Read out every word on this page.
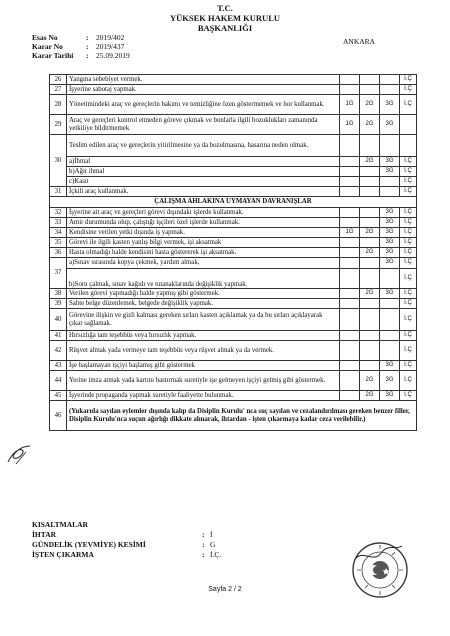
T.C.
YÜKSEK HAKEM KURULU
BAŞKANLIĞI
Esas No	: 2019/402
Karar No	: 2019/437
Karar Tarihi : 25.09.2019
ANKARA
26	Yangına sebebiyet vermek.				İ.Ç
27	İşyerine sabotaj yapmak.				İ.Ç
28	Yönetimindeki araç ve gereçlerin bakımı ve temizliğine özen göstermemek ve hor kullanmak.	1G	2G	3G	İ.Ç
29	Araç ve gereçleri kontrol etmeden göreve çıkmak ve bunlarla ilgili bozuklukları zamanında yetkiliye bildirmemek	1G	2G	3G	
30	Teslim edilen araç ve gereçlerin yitirilmesine ya da bozulmasına, hasarına neden olmak.				
	a)İhmal		2G	3G	İ.Ç
	b)Ağır ihmal			3G	İ.Ç
	c)Kasıt				İ.Ç
31	İçkili araç kullanmak.				İ.Ç
ÇALIŞMA AHLAKINA UYMAYAN DAVRANIŞLAR					
32	İşyerine ait araç ve gereçleri görevi dışındaki işlerde kullanmak.			3G	İ.Ç
33	Amir durumunda olup, çalıştığı işçileri özel işlerde kullanmak.			3G	İ.Ç
34	Kendisine verilen yetki dışında iş yapmak.	1G	2G	3G	İ.Ç
35	Görevi ile ilgili kasten yanlış bilgi vermek, işi aksatmak			3G	İ.Ç
36	Hasta olmadığı halde kendisini hasta göstererek işi aksatmak.		2G	3G	İ.Ç
37	a)Sınav sırasında kopya çekmek, yardım almak,			3G	İ.Ç
	b)Soru çalmak, sınav kağıdı ve tutanaklarında değişiklik yapmak.				İ.Ç
38	Verilen görevi yapmadığı halde yapmış gibi göstermek.		2G	3G	İ.Ç
39	Sahte belge düzenlemek, belgede değişiklik yapmak.				İ.Ç
40	Görevine ilişkin ve gizli kalması gereken sırları kasten açıklamak ya da bu sırları açıklayarak çıkar sağlamak.				İ.Ç
41	Hırsızlığa tam teşebbüs veya hırsızlık yapmak.				İ.Ç
42	Rüşvet almak yada vermeye tam teşebbüs veya rüşvet almak ya da vermek.				İ.Ç
43	İşe başlamayan işçiyi başlamış gibi göstermek			3G	İ.Ç
44	Yerine imza atmak yada kartını bastırmak suretiyle işe gelmeyen işçiyi gelmiş gibi göstermek.		2G	3G	İ.Ç
45	İşyerinde propaganda yapmak suretiyle faaliyette bulunmak.		2G	3G	İ.Ç
46	(Yukarıda sayılan eylemler dışında kalıp da Disiplin Kurulu' nca suç sayılan ve cezalandırılması gereken benzer filler, Disiplin Kurulu'nca suçun ağırlığı dikkate alınarak, ihtardan - işten çıkarmaya kadar ceza verilebilir.)				
KISALTMALAR
İHTAR	: İ
GÜNDELİK (YEVMİYE) KESİMİ	: G
İŞTEN ÇIKARMA	: İ.Ç.
Sayfa 2 / 2
